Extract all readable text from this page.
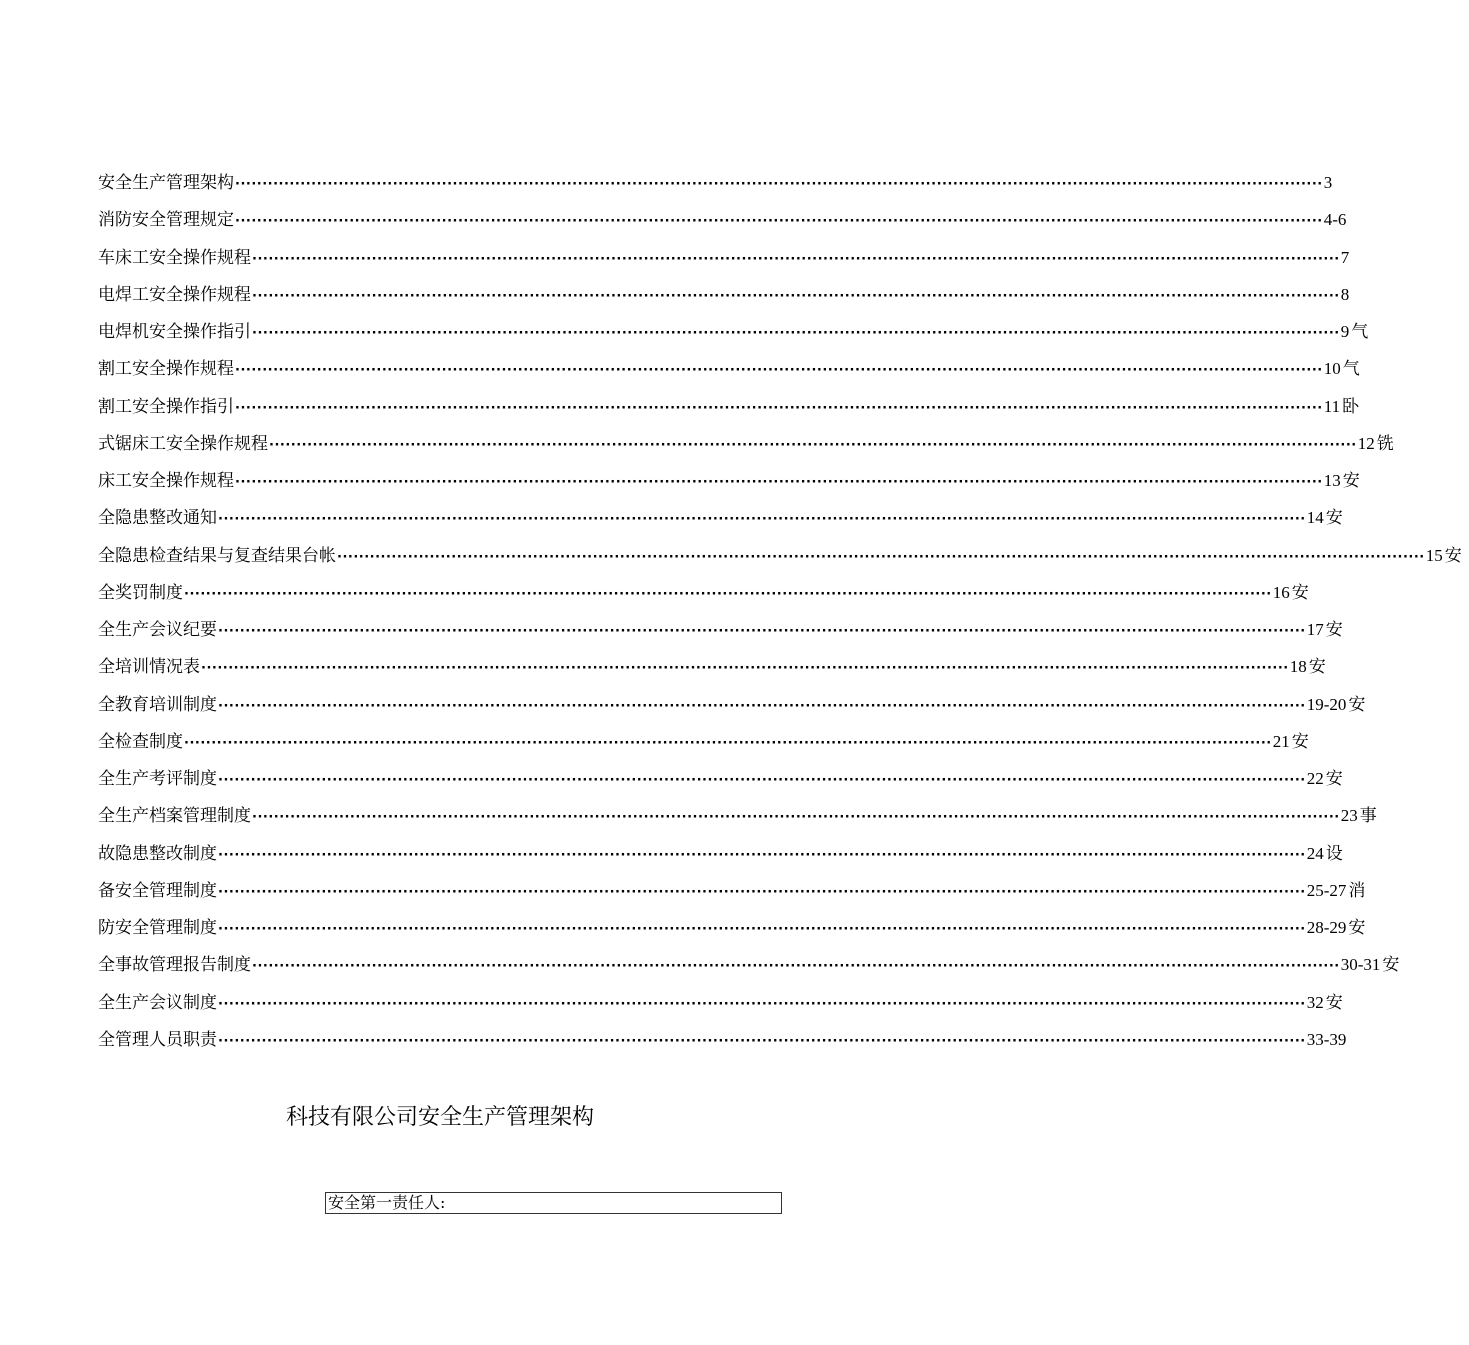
安全生产管理架构 ········································································································································································································ 3
消防安全管理规定 ········································································································································································································ 4-6
车床工安全操作规程 ········································································································································································································ 7
电焊工安全操作规程 ········································································································································································································ 8
电焊机安全操作指引 ········································································································································································································ 9 气
割工安全操作规程 ········································································································································································································ 10 气
割工安全操作指引 ········································································································································································································ 11 卧
式锯床工安全操作规程 ········································································································································································································ 12 铣
床工安全操作规程 ········································································································································································································ 13 安
全隐患整改通知 ········································································································································································································ 14 安
全隐患检查结果与复查结果台帐 ········································································································································································································ 15 安
全奖罚制度 ········································································································································································································ 16 安
全生产会议纪要 ········································································································································································································ 17 安
全培训情况表 ········································································································································································································ 18 安
全教育培训制度 ········································································································································································································ 19-20 安
全检查制度 ········································································································································································································ 21 安
全生产考评制度 ········································································································································································································ 22 安
全生产档案管理制度 ········································································································································································································ 23 事
故隐患整改制度 ········································································································································································································ 24 设
备安全管理制度 ········································································································································································································ 25-27 消
防安全管理制度 ········································································································································································································ 28-29 安
全事故管理报告制度 ········································································································································································································ 30-31 安
全生产会议制度 ········································································································································································································ 32 安
全管理人员职责 ········································································································································································································ 33-39
科技有限公司安全生产管理架构
安全第一责任人:
